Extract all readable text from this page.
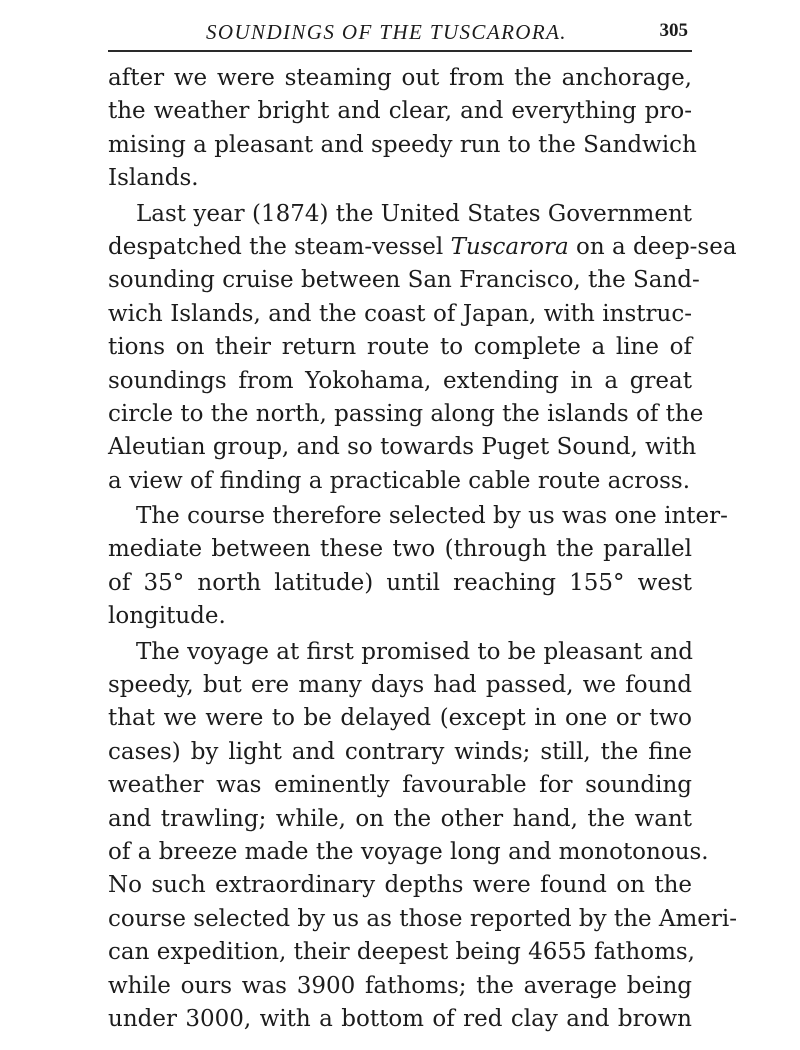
SOUNDINGS OF THE TUSCARORA.	305
after we were steaming out from the anchorage,
the weather bright and clear, and everything pro-
mising a pleasant and speedy run to the Sandwich
Islands.
Last year (1874) the United States Government
despatched the steam-vessel Tuscarora on a deep-sea
sounding cruise between San Francisco, the Sand-
wich Islands, and the coast of Japan, with instruc-
tions on their return route to complete a line of
soundings from Yokohama, extending in a great
circle to the north, passing along the islands of the
Aleutian group, and so towards Puget Sound, with
a view of finding a practicable cable route across.
The course therefore selected by us was one inter-
mediate between these two (through the parallel
of 35° north latitude) until reaching 155° west
longitude.
The voyage at first promised to be pleasant and
speedy, but ere many days had passed, we found
that we were to be delayed (except in one or two
cases) by light and contrary winds; still, the fine
weather was eminently favourable for sounding
and trawling; while, on the other hand, the want
of a breeze made the voyage long and monotonous.
No such extraordinary depths were found on the
course selected by us as those reported by the Ameri-
can expedition, their deepest being 4655 fathoms,
while ours was 3900 fathoms; the average being
under 3000, with a bottom of red clay and brown
